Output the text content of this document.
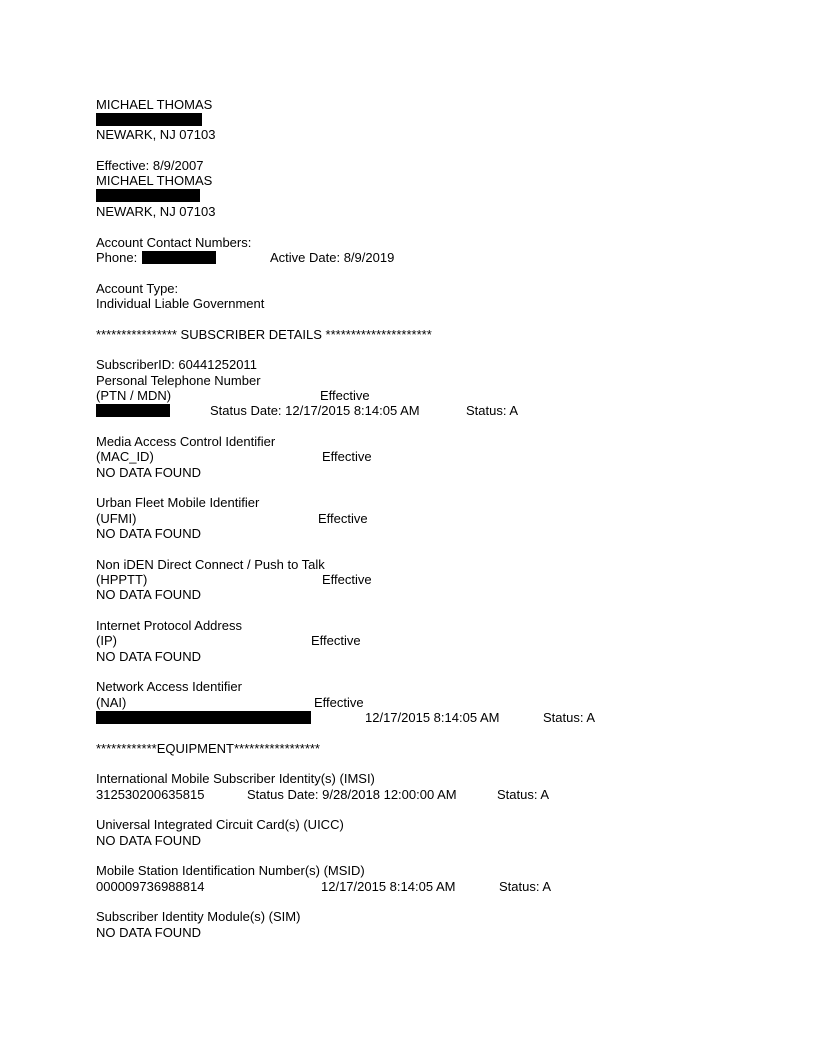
MICHAEL THOMAS
NEWARK, NJ 07103
Effective: 8/9/2007
MICHAEL THOMAS
NEWARK, NJ 07103
Account Contact Numbers:
Phone:	Active Date: 8/9/2019
Account Type:
Individual Liable Government
**************** SUBSCRIBER DETAILS *********************
SubscriberID: 60441252011
Personal Telephone Number
(PTN / MDN)	Effective
Status Date: 12/17/2015 8:14:05 AM	Status: A
Media Access Control Identifier
(MAC_ID)	Effective
NO DATA FOUND
Urban Fleet Mobile Identifier
(UFMI)	Effective
NO DATA FOUND
Non iDEN Direct Connect / Push to Talk
(HPPTT)	Effective
NO DATA FOUND
Internet Protocol Address
(IP)	Effective
NO DATA FOUND
Network Access Identifier
(NAI)	Effective
12/17/2015 8:14:05 AM	Status: A
************EQUIPMENT*****************
International Mobile Subscriber Identity(s) (IMSI)
312530200635815	Status Date: 9/28/2018 12:00:00 AM	Status: A
Universal Integrated Circuit Card(s) (UICC)
NO DATA FOUND
Mobile Station Identification Number(s) (MSID)
000009736988814	12/17/2015 8:14:05 AM	Status: A
Subscriber Identity Module(s) (SIM)
NO DATA FOUND
